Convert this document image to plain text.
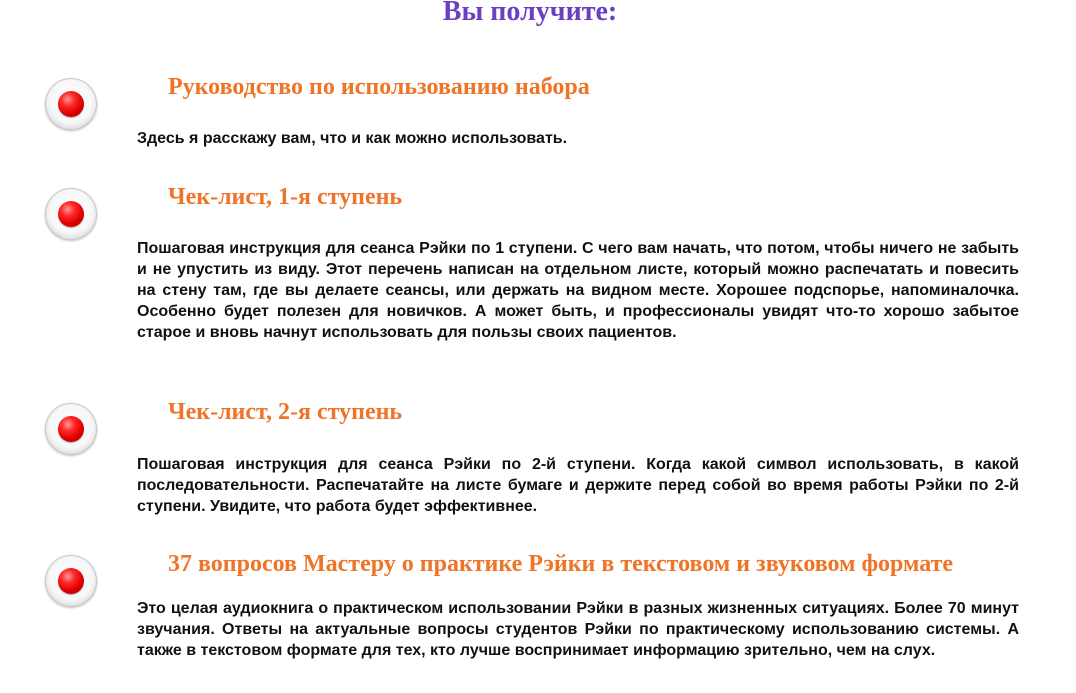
Вы получите:
Руководство по использованию набора

Здесь я расскажу вам, что и как можно использовать.

Чек-лист, 1-я ступень

Пошаговая инструкция для сеанса Рэйки по 1 ступени. С чего вам начать, что потом, чтобы ничего не забыть и не упустить из виду. Этот перечень написан на отдельном листе, который можно распечатать и повесить на стену там, где вы делаете сеансы, или держать на видном месте. Хорошее подспорье, напоминалочка. Особенно будет полезен для новичков. А может быть, и профессионалы увидят что-то хорошо забытое старое и вновь начнут использовать для пользы своих пациентов.

Чек-лист, 2-я ступень

Пошаговая инструкция для сеанса Рэйки по 2-й ступени. Когда какой символ использовать, в какой последовательности. Распечатайте на листе бумаге и держите перед собой во время работы Рэйки по 2-й ступени. Увидите, что работа будет эффективнее.

37 вопросов Мастеру о практике Рэйки в текстовом и звуковом формате

Это целая аудиокнига о практическом использовании Рэйки в разных жизненных ситуациях. Более 70 минут звучания. Ответы на актуальные вопросы студентов Рэйки по практическому использованию системы. А также в текстовом формате для тех, кто лучше воспринимает информацию зрительно, чем на слух.
